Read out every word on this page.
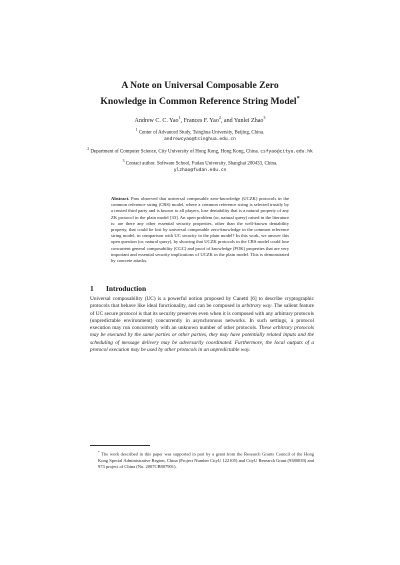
A Note on Universal Composable Zero
Knowledge in Common Reference String Model*
Andrew C. C. Yao$^1$, Frances F. Yao$^2$, and Yunlei Zhao$^3$
$^1$ Center of Advanced Study, Tsinghua University, Beijing, China.
andrewcyao@tsinghua.edu.cn
$^2$ Department of Computer Science, City University of Hong Kong, Hong Kong, China. csfyao@cityu.edu.hk
$^3$ Contact author. Software School, Fudan University, Shanghai 200433, China.
ylzhao@fudan.edu.cn
Abstract. Pass observed that universal composable zero-knowledge (UCZK) protocols in the common reference string (CRS) model, where a common reference string is selected trustily by a trusted third party and is known to all players, lose deniability that is a natural property of any ZK protocol in the plain model [33]. An open problem (or, natural query) raised in the literature is: are there any other essential security properties, other than the well-known deniability property, that could be lost by universal composable zero-knowledge in the common reference string model, in comparison with UC security in the plain model? In this work, we answer this open question (or, natural query), by showing that UCZK protocols in the CRS model could lose concurrent general composability (CGC) and proof of knowledge (POK) properties that are very important and essential security implications of UCZK in the plain model. This is demonstrated by concrete attacks.
1 Introduction

Universal composability (UC) is a powerful notion proposed by Canetti [6] to describe cryptographic protocols that behave like ideal functionality, and can be composed in arbitrary way. The salient feature of UC secure protocol is that its security preserves even when it is composed with any arbitrary protocols (unpredictable environment) concurrently in asynchronous networks. In such settings, a protocol execution may run concurrently with an unknown number of other protocols. These arbitrary protocols may be executed by the same parties or other parties, they may have potentially related inputs and the scheduling of message delivery may be adversarily coordinated. Furthermore, the local outputs of a protocol execution may be used by other protocols in an unpredictable way.

* The work described in this paper was supported in part by a grant from the Research Grants Council of the Hong Kong Special Administrative Region, China (Project Number CityU 122105) and CityU Research Grant (9380039) and 973 project of China (No. 2007CB807901).
